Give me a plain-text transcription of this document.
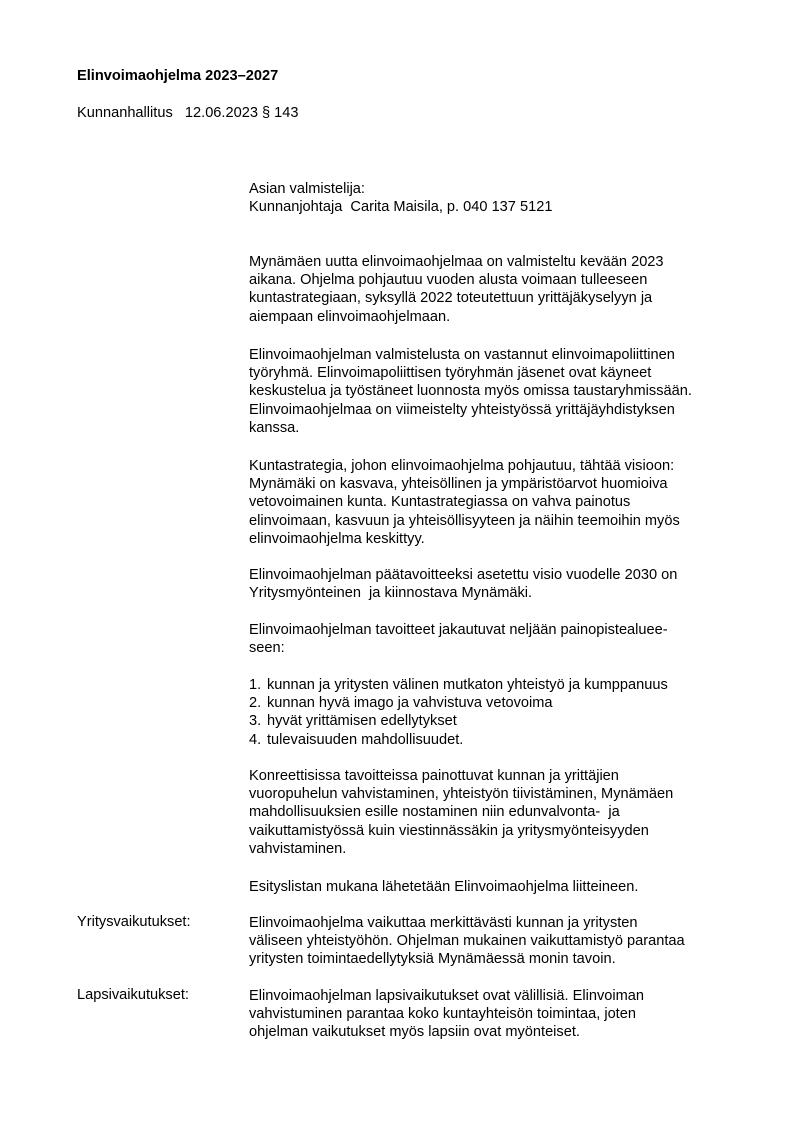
Elinvoimaohjelma 2023–2027
Kunnanhallitus   12.06.2023 § 143
Asian valmistelija:
Kunnanjohtaja  Carita Maisila, p. 040 137 5121
Mynämäen uutta elinvoimaohjelmaa on valmisteltu kevään 2023
aikana. Ohjelma pohjautuu vuoden alusta voimaan tulleeseen
kuntastrategiaan, syksyllä 2022 toteutettuun yrittäjäkyselyyn ja
aiempaan elinvoimaohjelmaan.
Elinvoimaohjelman valmistelusta on vastannut elinvoimapoliittinen
työryhmä. Elinvoimapoliittisen työryhmän jäsenet ovat käyneet
keskustelua ja työstäneet luonnosta myös omissa taustaryhmissään.
Elinvoimaohjelmaa on viimeistelty yhteistyössä yrittäjäyhdistyksen
kanssa.
Kuntastrategia, johon elinvoimaohjelma pohjautuu, tähtää visioon:
Mynämäki on kasvava, yhteisöllinen ja ympäristöarvot huomioiva
vetovoimainen kunta. Kuntastrategiassa on vahva painotus
elinvoimaan, kasvuun ja yhteisöllisyyteen ja näihin teemoihin myös
elinvoimaohjelma keskittyy.
Elinvoimaohjelman päätavoitteeksi asetettu visio vuodelle 2030 on
Yritysmyönteinen  ja kiinnostava Mynämäki.
Elinvoimaohjelman tavoitteet jakautuvat neljään painopistealuee-
seen:
1. kunnan ja yritysten välinen mutkaton yhteistyö ja kumppanuus
2. kunnan hyvä imago ja vahvistuva vetovoima
3. hyvät yrittämisen edellytykset
4. tulevaisuuden mahdollisuudet.
Konreettisissa tavoitteissa painottuvat kunnan ja yrittäjien
vuoropuhelun vahvistaminen, yhteistyön tiivistäminen, Mynämäen
mahdollisuuksien esille nostaminen niin edunvalvonta-  ja
vaikuttamistyössä kuin viestinnässäkin ja yritysmyönteisyyden
vahvistaminen.
Esityslistan mukana lähetetään Elinvoimaohjelma liitteineen.
Yritysvaikutukset:	Elinvoimaohjelma vaikuttaa merkittävästi kunnan ja yritysten
väliseen yhteistyöhön. Ohjelman mukainen vaikuttamistyö parantaa
yritysten toimintaedellytyksiä Mynämäessä monin tavoin.
Lapsivaikutukset:	Elinvoimaohjelman lapsivaikutukset ovat välillisiä. Elinvoiman
vahvistuminen parantaa koko kuntayhteisön toimintaa, joten
ohjelman vaikutukset myös lapsiin ovat myönteiset.
